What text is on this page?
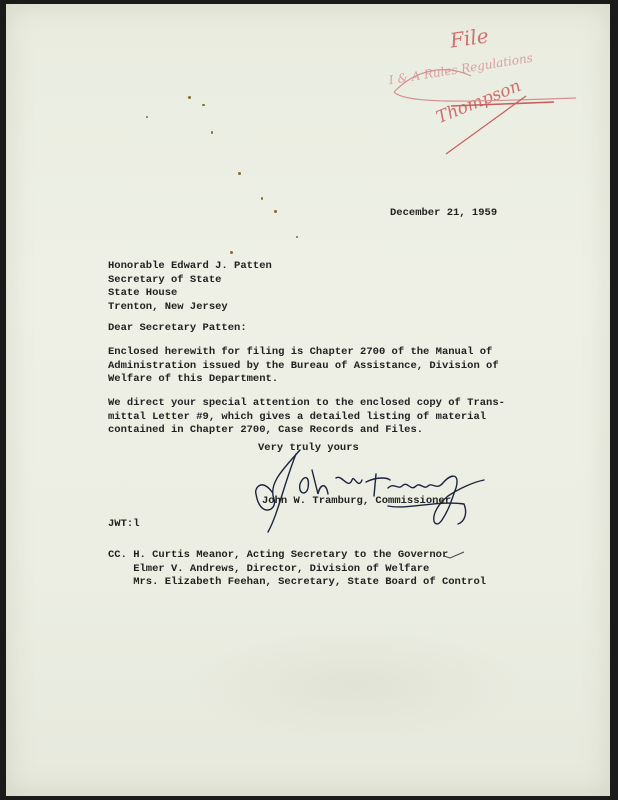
File
I & A Rules Regulations
Thompson
December 21, 1959
Honorable Edward J. Patten
Secretary of State
State House
Trenton, New Jersey
Dear Secretary Patten:
Enclosed herewith for filing is Chapter 2700 of the Manual of
Administration issued by the Bureau of Assistance, Division of
Welfare of this Department.
We direct your special attention to the enclosed copy of Trans-
mittal Letter #9, which gives a detailed listing of material
contained in Chapter 2700, Case Records and Files.
Very truly yours
John W. Tramburg, Commissioner
JWT:l
CC. H. Curtis Meanor, Acting Secretary to the Governor
Elmer V. Andrews, Director, Division of Welfare
Mrs. Elizabeth Feehan, Secretary, State Board of Control
